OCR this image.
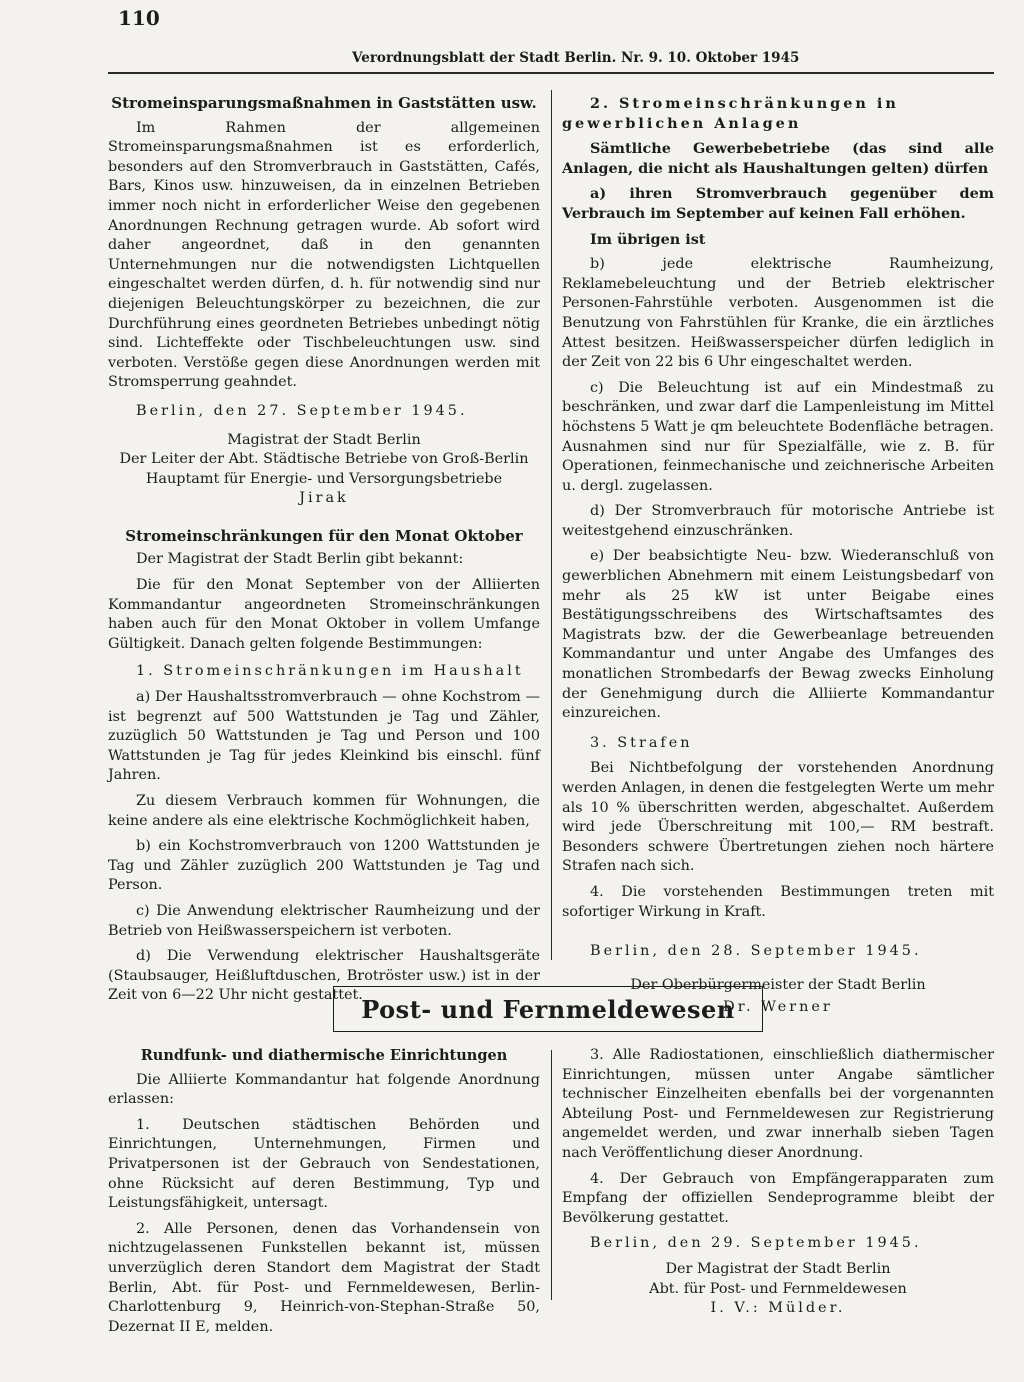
110
Verordnungsblatt der Stadt Berlin. Nr. 9. 10. Oktober 1945

Stromeinsparungsmaßnahmen in Gaststätten usw.

Im Rahmen der allgemeinen Stromeinsparungsmaßnahmen ist es erforderlich, besonders auf den Stromverbrauch in Gaststätten, Cafés, Bars, Kinos usw. hinzuweisen, da in einzelnen Betrieben immer noch nicht in erforderlicher Weise den gegebenen Anordnungen Rechnung getragen wurde. Ab sofort wird daher angeordnet, daß in den genannten Unternehmungen nur die notwendigsten Lichtquellen eingeschaltet werden dürfen, d. h. für notwendig sind nur diejenigen Beleuchtungskörper zu bezeichnen, die zur Durchführung eines geordneten Betriebes unbedingt nötig sind. Lichteffekte oder Tischbeleuchtungen usw. sind verboten. Verstöße gegen diese Anordnungen werden mit Stromsperrung geahndet.

Berlin, den 27. September 1945.

Magistrat der Stadt Berlin

Der Leiter der Abt. Städtische Betriebe von Groß-Berlin

Hauptamt für Energie- und Versorgungsbetriebe

Jirak

Stromeinschränkungen für den Monat Oktober

Der Magistrat der Stadt Berlin gibt bekannt:

Die für den Monat September von der Alliierten Kommandantur angeordneten Stromeinschränkungen haben auch für den Monat Oktober in vollem Umfange Gültigkeit. Danach gelten folgende Bestimmungen:

1. Stromeinschränkungen im Haushalt

a) Der Haushaltsstromverbrauch — ohne Kochstrom — ist begrenzt auf 500 Wattstunden je Tag und Zähler, zuzüglich 50 Wattstunden je Tag und Person und 100 Wattstunden je Tag für jedes Kleinkind bis einschl. fünf Jahren.

Zu diesem Verbrauch kommen für Wohnungen, die keine andere als eine elektrische Kochmöglichkeit haben,

b) ein Kochstromverbrauch von 1200 Wattstunden je Tag und Zähler zuzüglich 200 Wattstunden je Tag und Person.

c) Die Anwendung elektrischer Raumheizung und der Betrieb von Heißwasserspeichern ist verboten.

d) Die Verwendung elektrischer Haushaltsgeräte (Staubsauger, Heißluftduschen, Brotröster usw.) ist in der Zeit von 6—22 Uhr nicht gestattet.

2. Stromeinschränkungen in gewerblichen Anlagen

Sämtliche Gewerbebetriebe (das sind alle Anlagen, die nicht als Haushaltungen gelten) dürfen

a) ihren Stromverbrauch gegenüber dem Verbrauch im September auf keinen Fall erhöhen.

Im übrigen ist

b) jede elektrische Raumheizung, Reklamebeleuchtung und der Betrieb elektrischer Personen-Fahrstühle verboten. Ausgenommen ist die Benutzung von Fahrstühlen für Kranke, die ein ärztliches Attest besitzen. Heißwasserspeicher dürfen lediglich in der Zeit von 22 bis 6 Uhr eingeschaltet werden.

c) Die Beleuchtung ist auf ein Mindestmaß zu beschränken, und zwar darf die Lampenleistung im Mittel höchstens 5 Watt je qm beleuchtete Bodenfläche betragen. Ausnahmen sind nur für Spezialfälle, wie z. B. für Operationen, feinmechanische und zeichnerische Arbeiten u. dergl. zugelassen.

d) Der Stromverbrauch für motorische Antriebe ist weitestgehend einzuschränken.

e) Der beabsichtigte Neu- bzw. Wiederanschluß von gewerblichen Abnehmern mit einem Leistungsbedarf von mehr als 25 kW ist unter Beigabe eines Bestätigungsschreibens des Wirtschaftsamtes des Magistrats bzw. der die Gewerbeanlage betreuenden Kommandantur und unter Angabe des Umfanges des monatlichen Strombedarfs der Bewag zwecks Einholung der Genehmigung durch die Alliierte Kommandantur einzureichen.

3. Strafen

Bei Nichtbefolgung der vorstehenden Anordnung werden Anlagen, in denen die festgelegten Werte um mehr als 10 % überschritten werden, abgeschaltet. Außerdem wird jede Überschreitung mit 100,— RM bestraft. Besonders schwere Übertretungen ziehen noch härtere Strafen nach sich.

4. Die vorstehenden Bestimmungen treten mit sofortiger Wirkung in Kraft.

Berlin, den 28. September 1945.

Der Oberbürgermeister der Stadt Berlin

Dr. Werner

Post- und Fernmeldewesen

Rundfunk- und diathermische Einrichtungen

Die Alliierte Kommandantur hat folgende Anordnung erlassen:

1. Deutschen städtischen Behörden und Einrichtungen, Unternehmungen, Firmen und Privatpersonen ist der Gebrauch von Sendestationen, ohne Rücksicht auf deren Bestimmung, Typ und Leistungsfähigkeit, untersagt.

2. Alle Personen, denen das Vorhandensein von nichtzugelassenen Funkstellen bekannt ist, müssen unverzüglich deren Standort dem Magistrat der Stadt Berlin, Abt. für Post- und Fernmeldewesen, Berlin-Charlottenburg 9, Heinrich-von-Stephan-Straße 50, Dezernat II E, melden.

3. Alle Radiostationen, einschließlich diathermischer Einrichtungen, müssen unter Angabe sämtlicher technischer Einzelheiten ebenfalls bei der vorgenannten Abteilung Post- und Fernmeldewesen zur Registrierung angemeldet werden, und zwar innerhalb sieben Tagen nach Veröffentlichung dieser Anordnung.

4. Der Gebrauch von Empfängerapparaten zum Empfang der offiziellen Sendeprogramme bleibt der Bevölkerung gestattet.

Berlin, den 29. September 1945.

Der Magistrat der Stadt Berlin

Abt. für Post- und Fernmeldewesen

I. V.: Mülder.
